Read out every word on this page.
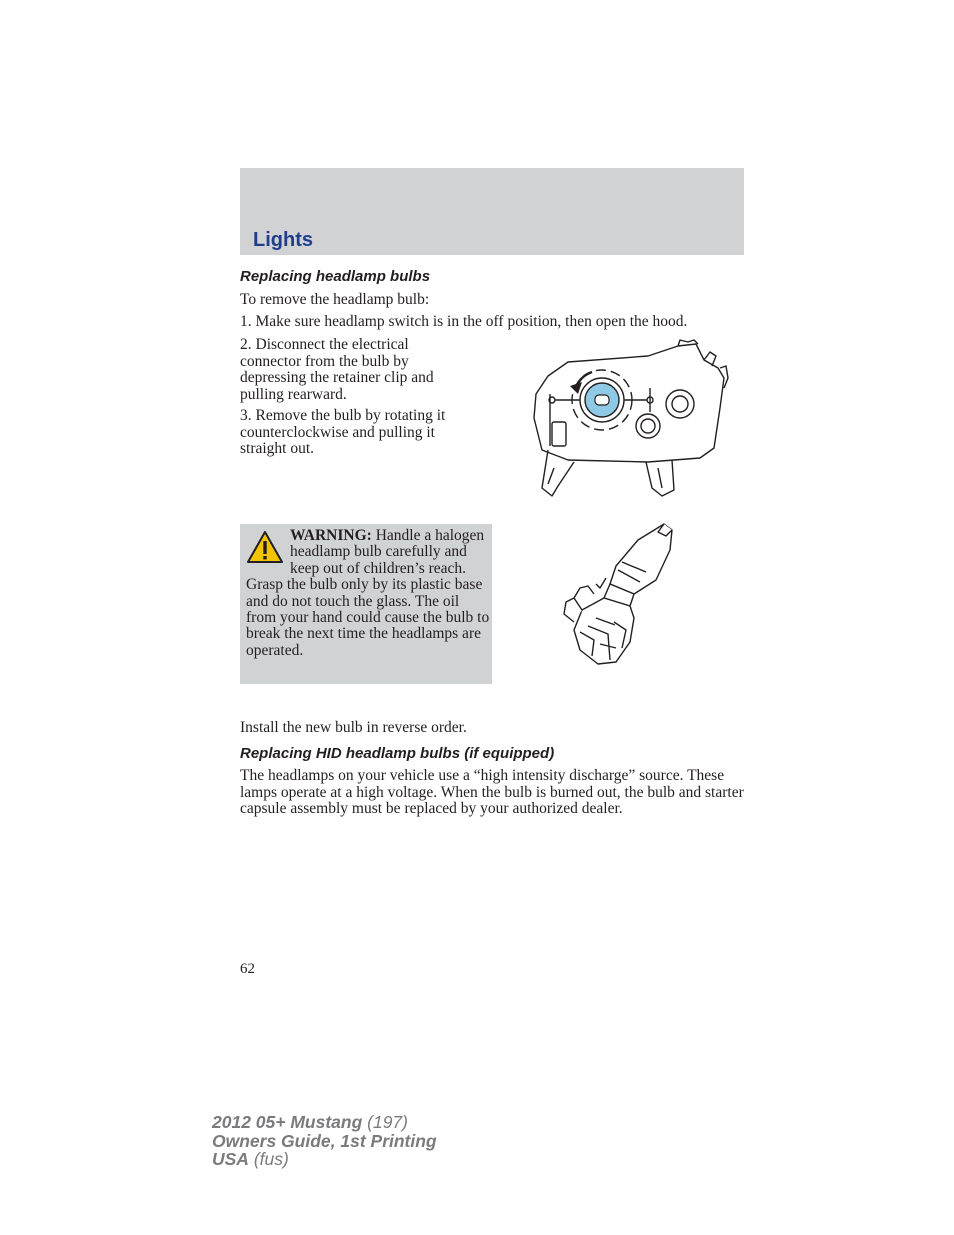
Lights
Replacing headlamp bulbs
To remove the headlamp bulb:
1. Make sure headlamp switch is in the off position, then open the hood.
2. Disconnect the electrical connector from the bulb by depressing the retainer clip and pulling rearward.
3. Remove the bulb by rotating it counterclockwise and pulling it straight out.
WARNING: Handle a halogen headlamp bulb carefully and keep out of children’s reach. Grasp the bulb only by its plastic base and do not touch the glass. The oil from your hand could cause the bulb to break the next time the headlamps are operated.
Install the new bulb in reverse order.
Replacing HID headlamp bulbs (if equipped)
The headlamps on your vehicle use a “high intensity discharge” source. These lamps operate at a high voltage. When the bulb is burned out, the bulb and starter capsule assembly must be replaced by your authorized dealer.
62
2012 05+ Mustang (197)
Owners Guide, 1st Printing
USA (fus)
